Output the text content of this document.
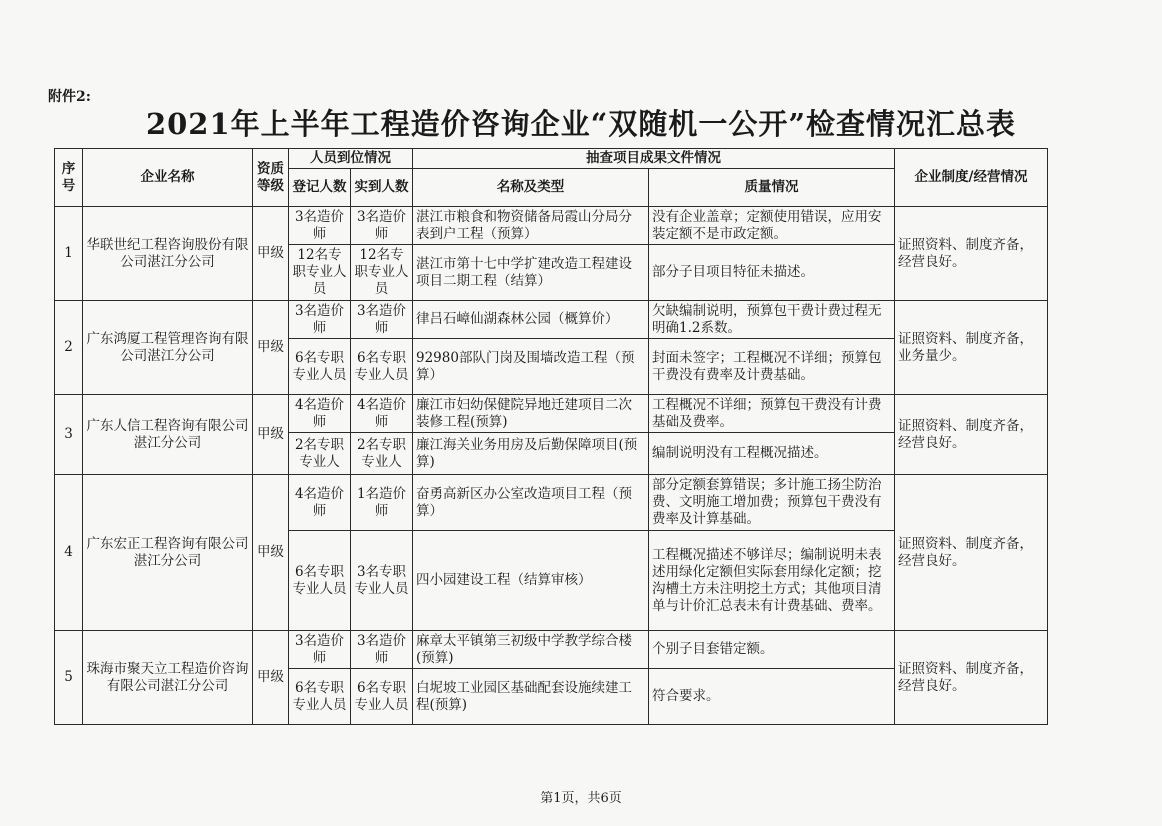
附件2:
2021年上半年工程造价咨询企业“双随机一公开”检查情况汇总表
序号	企业名称	资质等级	人员到位情况		抽查项目成果文件情况		企业制度/经营情况
			登记人数	实到人数	名称及类型	质量情况	
1	华联世纪工程咨询股份有限公司湛江分公司	甲级	3名造价师	3名造价师	湛江市粮食和物资储备局霞山分局分表到户工程（预算）	没有企业盖章；定额使用错误，应用安装定额不是市政定额。	证照资料、制度齐备，经营良好。
			12名专职专业人员	12名专职专业人员	湛江市第十七中学扩建改造工程建设项目二期工程（结算）	部分子目项目特征未描述。	
2	广东鸿厦工程管理咨询有限公司湛江分公司	甲级	3名造价师	3名造价师	律吕石嶂仙湖森林公园（概算价）	欠缺编制说明，预算包干费计费过程无明确1.2系数。	证照资料、制度齐备，业务量少。
			6名专职专业人员	6名专职专业人员	92980部队门岗及围墙改造工程（预算）	封面未签字；工程概况不详细；预算包干费没有费率及计费基础。	
3	广东人信工程咨询有限公司湛江分公司	甲级	4名造价师	4名造价师	廉江市妇幼保健院异地迁建项目二次装修工程(预算)	工程概况不详细；预算包干费没有计费基础及费率。	证照资料、制度齐备，经营良好。
			2名专职专业人	2名专职专业人	廉江海关业务用房及后勤保障项目(预算)	编制说明没有工程概况描述。	
4	广东宏正工程咨询有限公司湛江分公司	甲级	4名造价师	1名造价师	奋勇高新区办公室改造项目工程（预算）	部分定额套算错误；多计施工扬尘防治费、文明施工增加费；预算包干费没有费率及计算基础。	证照资料、制度齐备，经营良好。
			6名专职专业人员	3名专职专业人员	四小园建设工程（结算审核）	工程概况描述不够详尽；编制说明未表述用绿化定额但实际套用绿化定额；挖沟槽土方未注明挖土方式；其他项目清单与计价汇总表未有计费基础、费率。	
5	珠海市聚天立工程造价咨询有限公司湛江分公司	甲级	3名造价师	3名造价师	麻章太平镇第三初级中学教学综合楼(预算)	个别子目套错定额。	证照资料、制度齐备，经营良好。
			6名专职专业人员	6名专职专业人员	白坭坡工业园区基础配套设施续建工程(预算)	符合要求。	
第1页，共6页
